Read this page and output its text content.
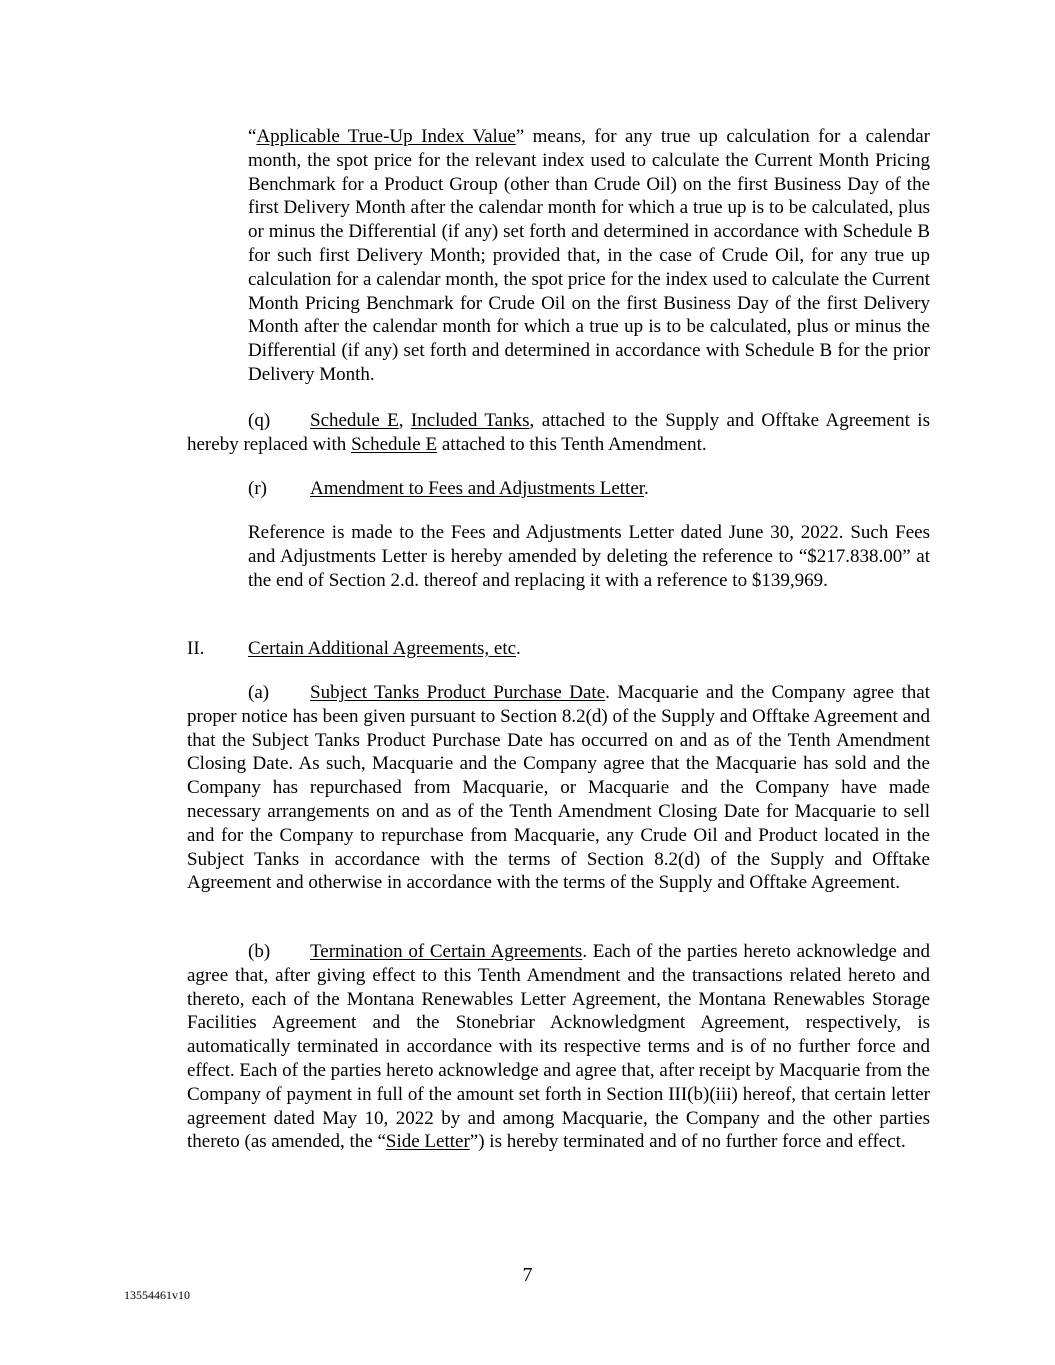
“Applicable True-Up Index Value” means, for any true up calculation for a calendar month, the spot price for the relevant index used to calculate the Current Month Pricing Benchmark for a Product Group (other than Crude Oil) on the first Business Day of the first Delivery Month after the calendar month for which a true up is to be calculated, plus or minus the Differential (if any) set forth and determined in accordance with Schedule B for such first Delivery Month; provided that, in the case of Crude Oil, for any true up calculation for a calendar month, the spot price for the index used to calculate the Current Month Pricing Benchmark for Crude Oil on the first Business Day of the first Delivery Month after the calendar month for which a true up is to be calculated, plus or minus the Differential (if any) set forth and determined in accordance with Schedule B for the prior Delivery Month.

(q) Schedule E, Included Tanks, attached to the Supply and Offtake Agreement is hereby replaced with Schedule E attached to this Tenth Amendment.

(r) Amendment to Fees and Adjustments Letter.

Reference is made to the Fees and Adjustments Letter dated June 30, 2022. Such Fees and Adjustments Letter is hereby amended by deleting the reference to “$217.838.00” at the end of Section 2.d. thereof and replacing it with a reference to $139,969.

II. Certain Additional Agreements, etc.

(a) Subject Tanks Product Purchase Date. Macquarie and the Company agree that proper notice has been given pursuant to Section 8.2(d) of the Supply and Offtake Agreement and that the Subject Tanks Product Purchase Date has occurred on and as of the Tenth Amendment Closing Date. As such, Macquarie and the Company agree that the Macquarie has sold and the Company has repurchased from Macquarie, or Macquarie and the Company have made necessary arrangements on and as of the Tenth Amendment Closing Date for Macquarie to sell and for the Company to repurchase from Macquarie, any Crude Oil and Product located in the Subject Tanks in accordance with the terms of Section 8.2(d) of the Supply and Offtake Agreement and otherwise in accordance with the terms of the Supply and Offtake Agreement.

(b) Termination of Certain Agreements. Each of the parties hereto acknowledge and agree that, after giving effect to this Tenth Amendment and the transactions related hereto and thereto, each of the Montana Renewables Letter Agreement, the Montana Renewables Storage Facilities Agreement and the Stonebriar Acknowledgment Agreement, respectively, is automatically terminated in accordance with its respective terms and is of no further force and effect. Each of the parties hereto acknowledge and agree that, after receipt by Macquarie from the Company of payment in full of the amount set forth in Section III(b)(iii) hereof, that certain letter agreement dated May 10, 2022 by and among Macquarie, the Company and the other parties thereto (as amended, the “Side Letter”) is hereby terminated and of no further force and effect.

7
13554461v10
